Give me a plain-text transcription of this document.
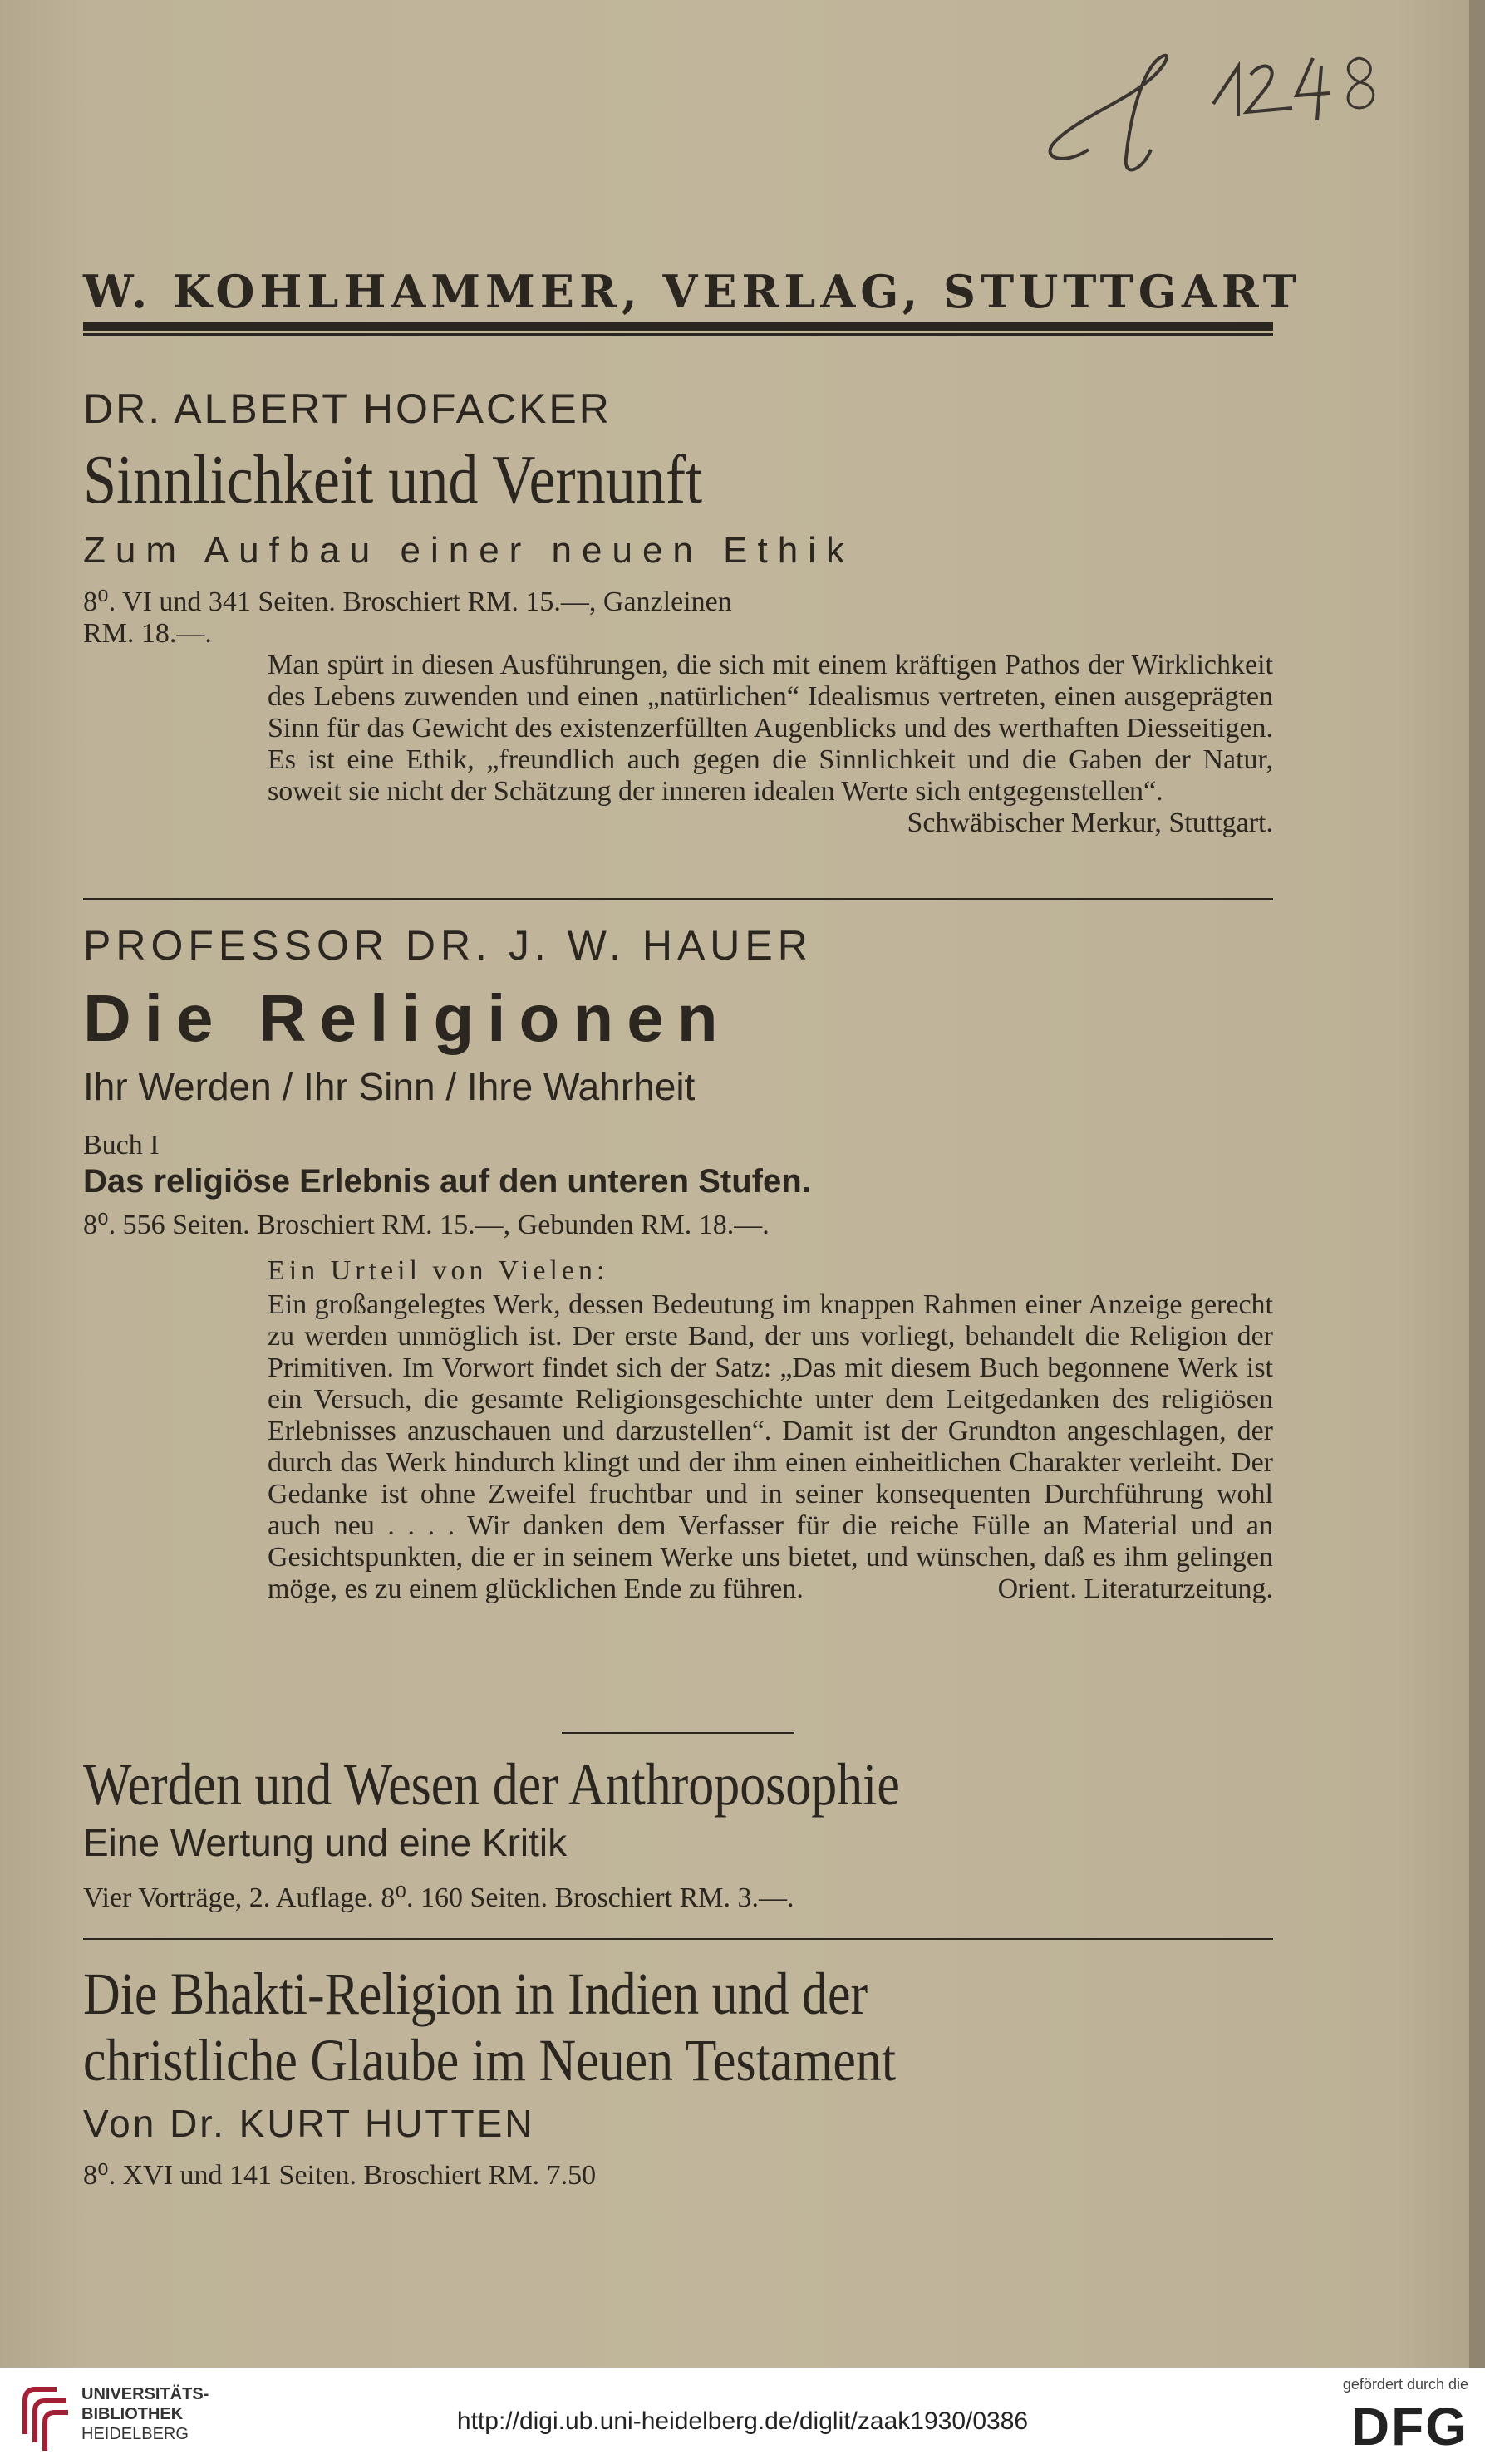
W. KOHLHAMMER, VERLAG, STUTTGART

DR. ALBERT HOFACKER

Sinnlichkeit und Vernunft

Zum Aufbau einer neuen Ethik

8⁰. VI und 341 Seiten. Broschiert RM. 15.—, Ganzleinen

RM. 18.—.

Man spürt in diesen Ausführungen, die sich mit einem kräftigen Pathos der Wirklichkeit des Lebens zuwenden und einen „natürlichen“ Idealismus vertreten, einen ausgeprägten Sinn für das Gewicht des existenzerfüllten Augenblicks und des werthaften Diesseitigen. Es ist eine Ethik, „freundlich auch gegen die Sinnlichkeit und die Gaben der Natur, soweit sie nicht der Schätzung der inneren idealen Werte sich entgegenstellen“.
Schwäbischer Merkur, Stuttgart.

PROFESSOR DR. J. W. HAUER

Die Religionen

Ihr Werden / Ihr Sinn / Ihre Wahrheit

Buch I

Das religiöse Erlebnis auf den unteren Stufen.

8⁰. 556 Seiten. Broschiert RM. 15.—, Gebunden RM. 18.—.

Ein Urteil von Vielen:

Ein großangelegtes Werk, dessen Bedeutung im knappen Rahmen einer Anzeige gerecht zu werden unmöglich ist. Der erste Band, der uns vorliegt, behandelt die Religion der Primitiven. Im Vorwort findet sich der Satz: „Das mit diesem Buch begonnene Werk ist ein Versuch, die gesamte Religionsgeschichte unter dem Leitgedanken des religiösen Erlebnisses anzuschauen und darzustellen“. Damit ist der Grundton angeschlagen, der durch das Werk hindurch klingt und der ihm einen einheitlichen Charakter verleiht. Der Gedanke ist ohne Zweifel fruchtbar und in seiner konsequenten Durchführung wohl auch neu . . . . Wir danken dem Verfasser für die reiche Fülle an Material und an Gesichtspunkten, die er in seinem Werke uns bietet, und wünschen, daß es ihm gelingen möge, es zu einem glücklichen Ende zu führen.	Orient. Literaturzeitung.

Werden und Wesen der Anthroposophie

Eine Wertung und eine Kritik

Vier Vorträge, 2. Auflage. 8⁰. 160 Seiten. Broschiert RM. 3.—.

Die Bhakti-Religion in Indien und der

christliche Glaube im Neuen Testament

Von Dr. KURT HUTTEN

8⁰. XVI und 141 Seiten. Broschiert RM. 7.50

UNIVERSITÄTS-
BIBLIOTHEK
HEIDELBERG	http://digi.ub.uni-heidelberg.de/diglit/zaak1930/0386
gefördert durch die
DFG
